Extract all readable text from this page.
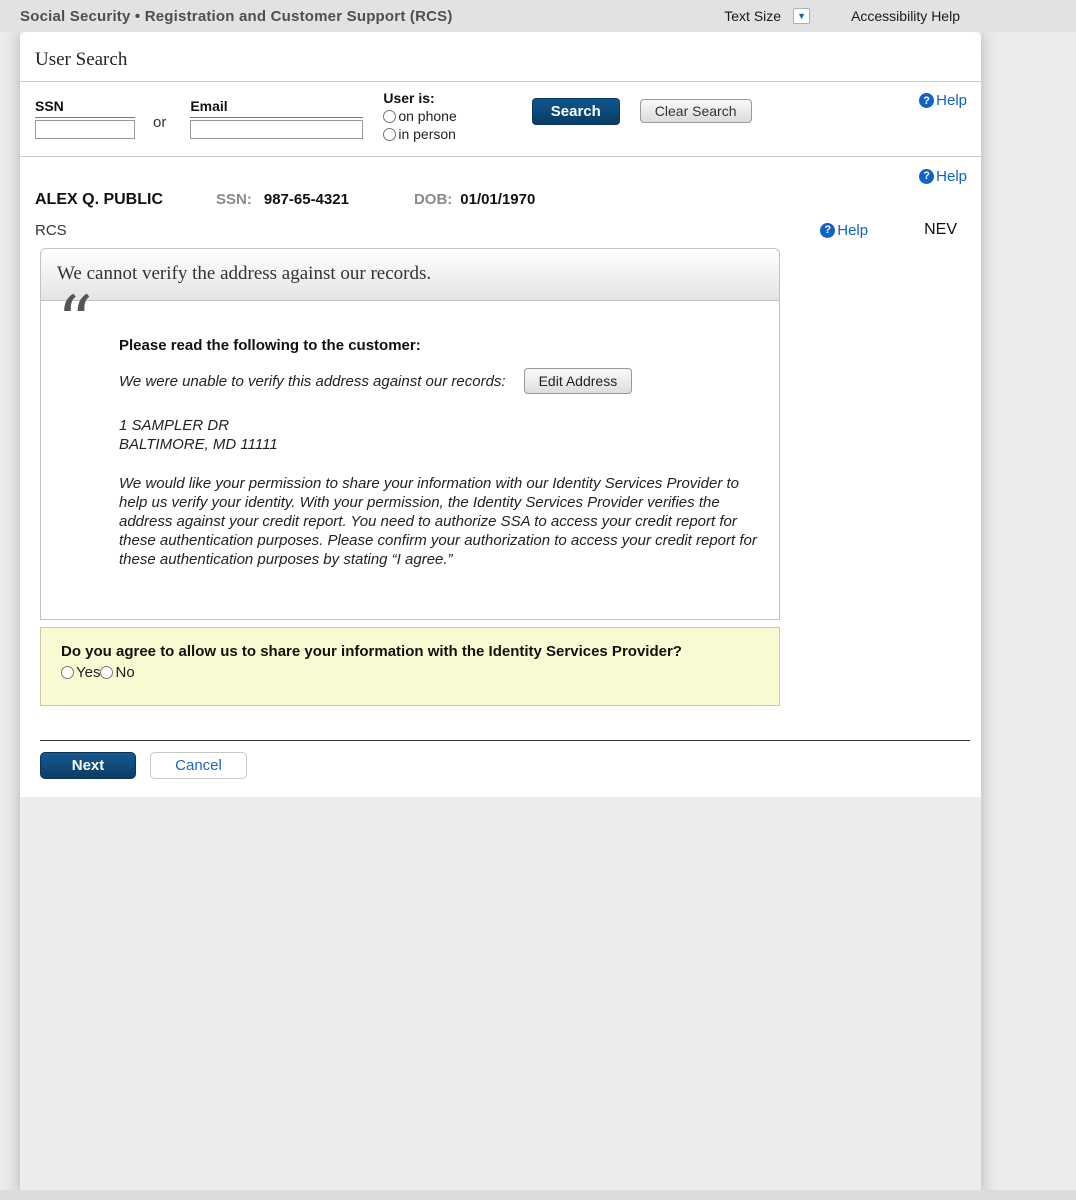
Social Security • Registration and Customer Support (RCS)	Text Size ▼	Accessibility Help
User Search
SSN
or
Email	User is:
on phone
in person
Search	Clear Search
? Help
? Help
ALEX Q. PUBLIC	SSN: 987-65-4321	DOB: 01/01/1970
RCS	? Help	NEV
We cannot verify the address against our records.
“ Please read the following to the customer:
We were unable to verify this address against our records:	Edit Address
1 SAMPLER DR
BALTIMORE, MD 11111
We would like your permission to share your information with our Identity Services Provider to help us verify your identity. With your permission, the Identity Services Provider verifies the address against your credit report. You need to authorize SSA to access your credit report for these authentication purposes. Please confirm your authorization to access your credit report for these authentication purposes by stating “I agree.”
Do you agree to allow us to share your information with the Identity Services Provider?
Yes No
Next	Cancel
